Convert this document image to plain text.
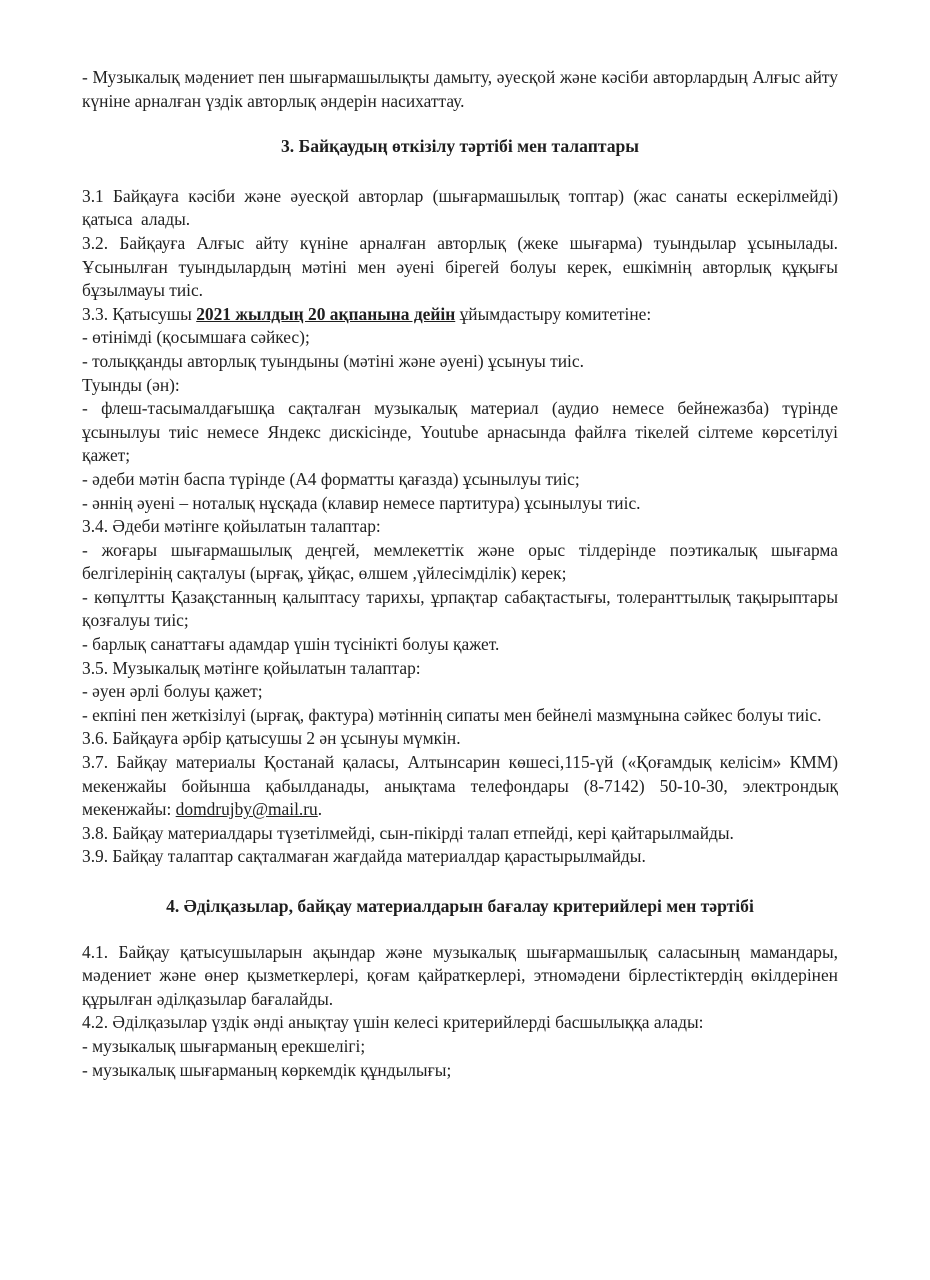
- Музыкалық мәдениет пен шығармашылықты дамыту, әуесқой және кәсіби авторлардың Алғыс айту күніне арналған үздік авторлық әндерін насихаттау.

3. Байқаудың өткізілу тәртібі мен талаптары

3.1 Байқауға кәсіби және әуесқой авторлар (шығармашылық топтар) (жас санаты ескерілмейді) қатыса алады.

3.2. Байқауға Алғыс айту күніне арналған авторлық (жеке шығарма) туындылар ұсынылады. Ұсынылған туындылардың мәтіні мен әуені бірегей болуы керек, ешкімнің авторлық құқығы бұзылмауы тиіс.

3.3. Қатысушы 2021 жылдың 20 ақпанына дейін ұйымдастыру комитетіне:

- өтінімді (қосымшаға сәйкес);

- толыққанды авторлық туындыны (мәтіні және әуені) ұсынуы тиіс.

Туынды (ән):

- флеш-тасымалдағышқа сақталған музыкалық материал (аудио немесе бейнежазба) түрінде ұсынылуы тиіс немесе Яндекс дискісінде, Youtube арнасында файлға тікелей сілтеме көрсетілуі қажет;

- әдеби мәтін баспа түрінде (А4 форматты қағазда) ұсынылуы тиіс;

- әннің әуені – ноталық нұсқада (клавир немесе партитура) ұсынылуы тиіс.

3.4. Әдеби мәтінге қойылатын талаптар:

- жоғары шығармашылық деңгей, мемлекеттік және орыс тілдерінде поэтикалық шығарма белгілерінің сақталуы (ырғақ, ұйқас, өлшем ,үйлесімділік) керек;

- көпұлтты Қазақстанның қалыптасу тарихы, ұрпақтар сабақтастығы, толеранттылық тақырыптары қозғалуы тиіс;

- барлық санаттағы адамдар үшін түсінікті болуы қажет.

3.5. Музыкалық мәтінге қойылатын талаптар:

- әуен әрлі болуы қажет;

- екпіні пен жеткізілуі (ырғақ, фактура) мәтіннің сипаты мен бейнелі мазмұнына сәйкес болуы тиіс.

3.6. Байқауға әрбір қатысушы 2 ән ұсынуы мүмкін.

3.7. Байқау материалы Қостанай қаласы, Алтынсарин көшесі,115-үй («Қоғамдық келісім» КММ) мекенжайы бойынша қабылданады, анықтама телефондары (8-7142) 50-10-30, электрондық мекенжайы: domdrujby@mail.ru.

3.8. Байқау материалдары түзетілмейді, сын-пікірді талап етпейді, кері қайтарылмайды.

3.9. Байқау талаптар сақталмаған жағдайда материалдар қарастырылмайды.

4. Әділқазылар, байқау материалдарын бағалау критерийлері мен тәртібі

4.1. Байқау қатысушыларын ақындар және музыкалық шығармашылық саласының мамандары, мәдениет және өнер қызметкерлері, қоғам қайраткерлері, этномәдени бірлестіктердің өкілдерінен құрылған әділқазылар бағалайды.

4.2. Әділқазылар үздік әнді анықтау үшін келесі критерийлерді басшылыққа алады:

- музыкалық шығарманың ерекшелігі;

- музыкалық шығарманың көркемдік құндылығы;
